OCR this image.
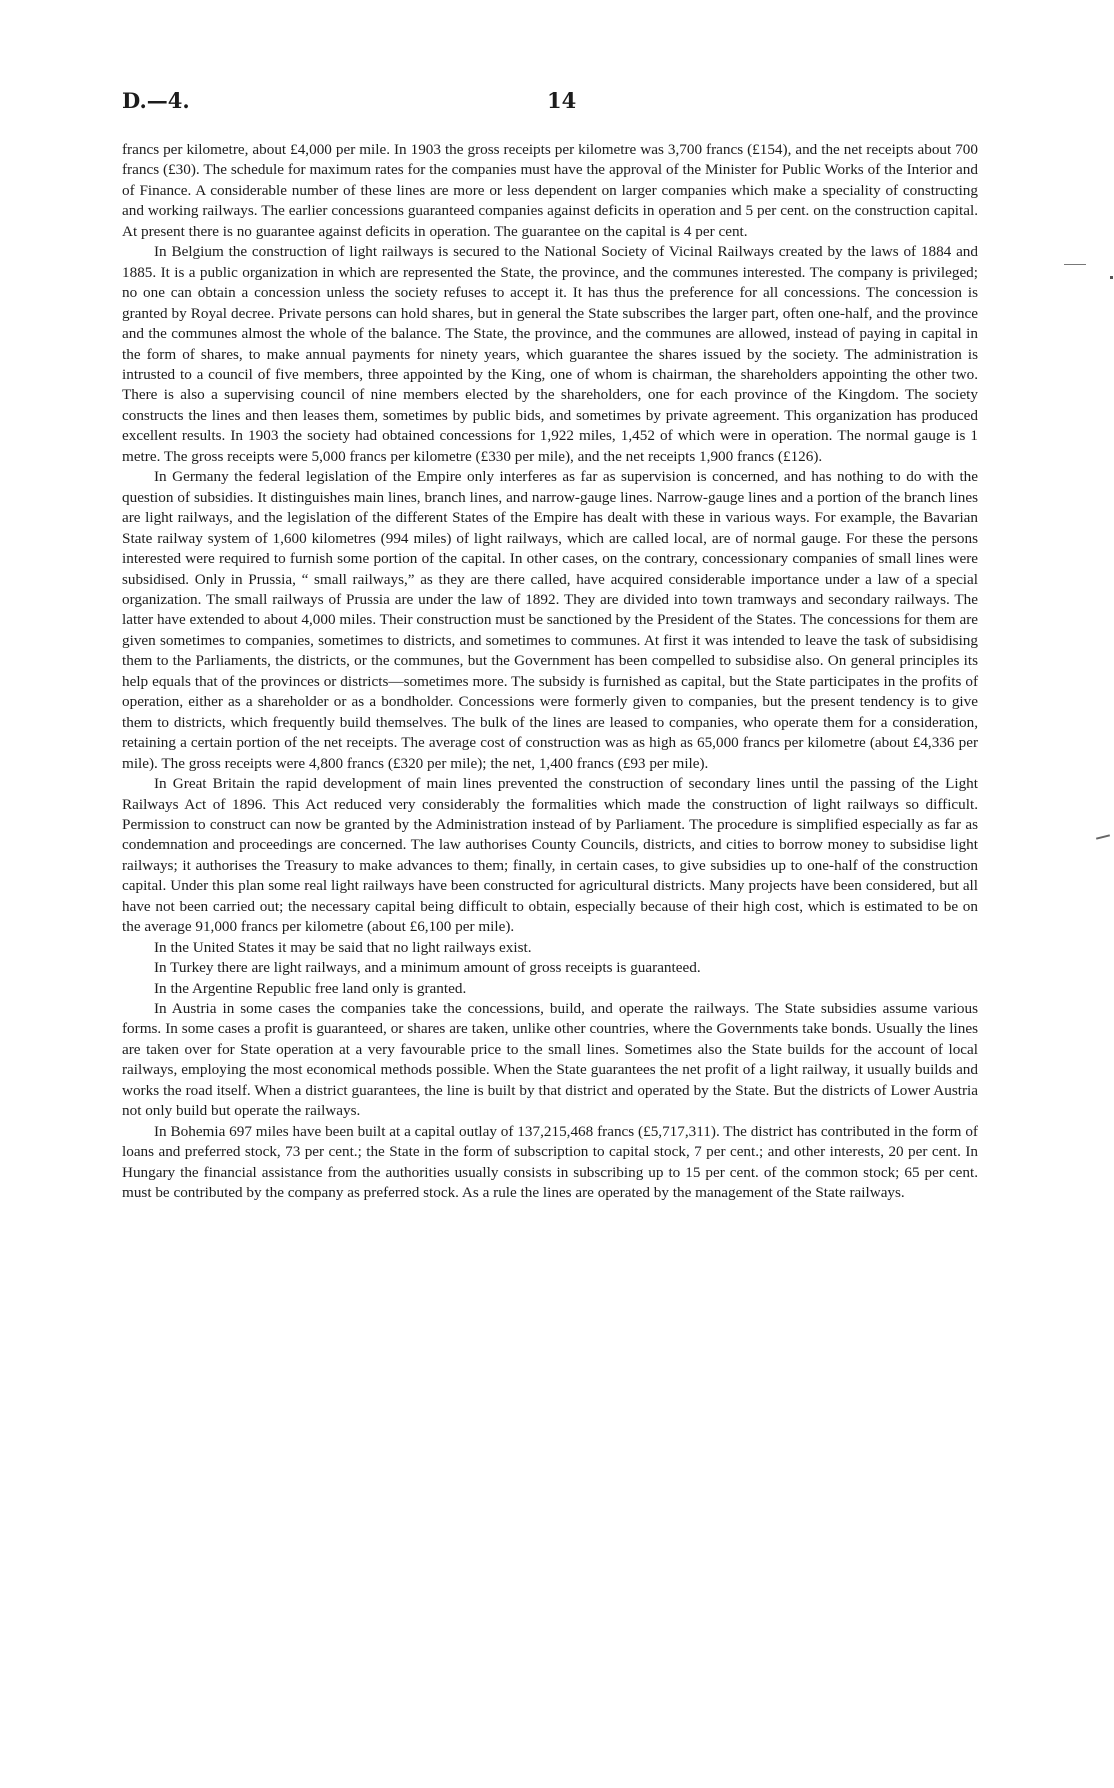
D.—4.	14

francs per kilometre, about £4,000 per mile. In 1903 the gross receipts per kilometre was 3,700 francs (£154), and the net receipts about 700 francs (£30). The schedule for maximum rates for the companies must have the approval of the Minister for Public Works of the Interior and of Finance. A considerable number of these lines are more or less dependent on larger companies which make a speciality of constructing and working railways. The earlier concessions guaranteed companies against deficits in operation and 5 per cent. on the construction capital. At present there is no guarantee against deficits in operation. The guarantee on the capital is 4 per cent.

In Belgium the construction of light railways is secured to the National Society of Vicinal Railways created by the laws of 1884 and 1885. It is a public organization in which are represented the State, the province, and the communes interested. The company is privileged; no one can obtain a concession unless the society refuses to accept it. It has thus the preference for all concessions. The concession is granted by Royal decree. Private persons can hold shares, but in general the State subscribes the larger part, often one-half, and the province and the communes almost the whole of the balance. The State, the province, and the communes are allowed, instead of paying in capital in the form of shares, to make annual payments for ninety years, which guarantee the shares issued by the society. The administration is intrusted to a council of five members, three appointed by the King, one of whom is chairman, the shareholders appointing the other two. There is also a supervising council of nine members elected by the shareholders, one for each province of the Kingdom. The society constructs the lines and then leases them, sometimes by public bids, and sometimes by private agreement. This organization has produced excellent results. In 1903 the society had obtained concessions for 1,922 miles, 1,452 of which were in operation. The normal gauge is 1 metre. The gross receipts were 5,000 francs per kilometre (£330 per mile), and the net receipts 1,900 francs (£126).

In Germany the federal legislation of the Empire only interferes as far as supervision is concerned, and has nothing to do with the question of subsidies. It distinguishes main lines, branch lines, and narrow-gauge lines. Narrow-gauge lines and a portion of the branch lines are light railways, and the legislation of the different States of the Empire has dealt with these in various ways. For example, the Bavarian State railway system of 1,600 kilometres (994 miles) of light railways, which are called local, are of normal gauge. For these the persons interested were required to furnish some portion of the capital. In other cases, on the contrary, concessionary companies of small lines were subsidised. Only in Prussia, “ small railways,” as they are there called, have acquired considerable importance under a law of a special organization. The small railways of Prussia are under the law of 1892. They are divided into town tramways and secondary railways. The latter have extended to about 4,000 miles. Their construction must be sanctioned by the President of the States. The concessions for them are given sometimes to companies, sometimes to districts, and sometimes to communes. At first it was intended to leave the task of subsidising them to the Parliaments, the districts, or the communes, but the Government has been compelled to subsidise also. On general principles its help equals that of the provinces or districts—sometimes more. The subsidy is furnished as capital, but the State participates in the profits of operation, either as a shareholder or as a bondholder. Concessions were formerly given to companies, but the present tendency is to give them to districts, which frequently build themselves. The bulk of the lines are leased to companies, who operate them for a consideration, retaining a certain portion of the net receipts. The average cost of construction was as high as 65,000 francs per kilometre (about £4,336 per mile). The gross receipts were 4,800 francs (£320 per mile); the net, 1,400 francs (£93 per mile).

In Great Britain the rapid development of main lines prevented the construction of secondary lines until the passing of the Light Railways Act of 1896. This Act reduced very considerably the formalities which made the construction of light railways so difficult. Permission to construct can now be granted by the Administration instead of by Parliament. The procedure is simplified especially as far as condemnation and proceedings are concerned. The law authorises County Councils, districts, and cities to borrow money to subsidise light railways; it authorises the Treasury to make advances to them; finally, in certain cases, to give subsidies up to one-half of the construction capital. Under this plan some real light railways have been constructed for agricultural districts. Many projects have been considered, but all have not been carried out; the necessary capital being difficult to obtain, especially because of their high cost, which is estimated to be on the average 91,000 francs per kilometre (about £6,100 per mile).

In the United States it may be said that no light railways exist.

In Turkey there are light railways, and a minimum amount of gross receipts is guaranteed.

In the Argentine Republic free land only is granted.

In Austria in some cases the companies take the concessions, build, and operate the railways. The State subsidies assume various forms. In some cases a profit is guaranteed, or shares are taken, unlike other countries, where the Governments take bonds. Usually the lines are taken over for State operation at a very favourable price to the small lines. Sometimes also the State builds for the account of local railways, employing the most economical methods possible. When the State guarantees the net profit of a light railway, it usually builds and works the road itself. When a district guarantees, the line is built by that district and operated by the State. But the districts of Lower Austria not only build but operate the railways.

In Bohemia 697 miles have been built at a capital outlay of 137,215,468 francs (£5,717,311). The district has contributed in the form of loans and preferred stock, 73 per cent.; the State in the form of subscription to capital stock, 7 per cent.; and other interests, 20 per cent. In Hungary the financial assistance from the authorities usually consists in subscribing up to 15 per cent. of the common stock; 65 per cent. must be contributed by the company as preferred stock. As a rule the lines are operated by the management of the State railways.
